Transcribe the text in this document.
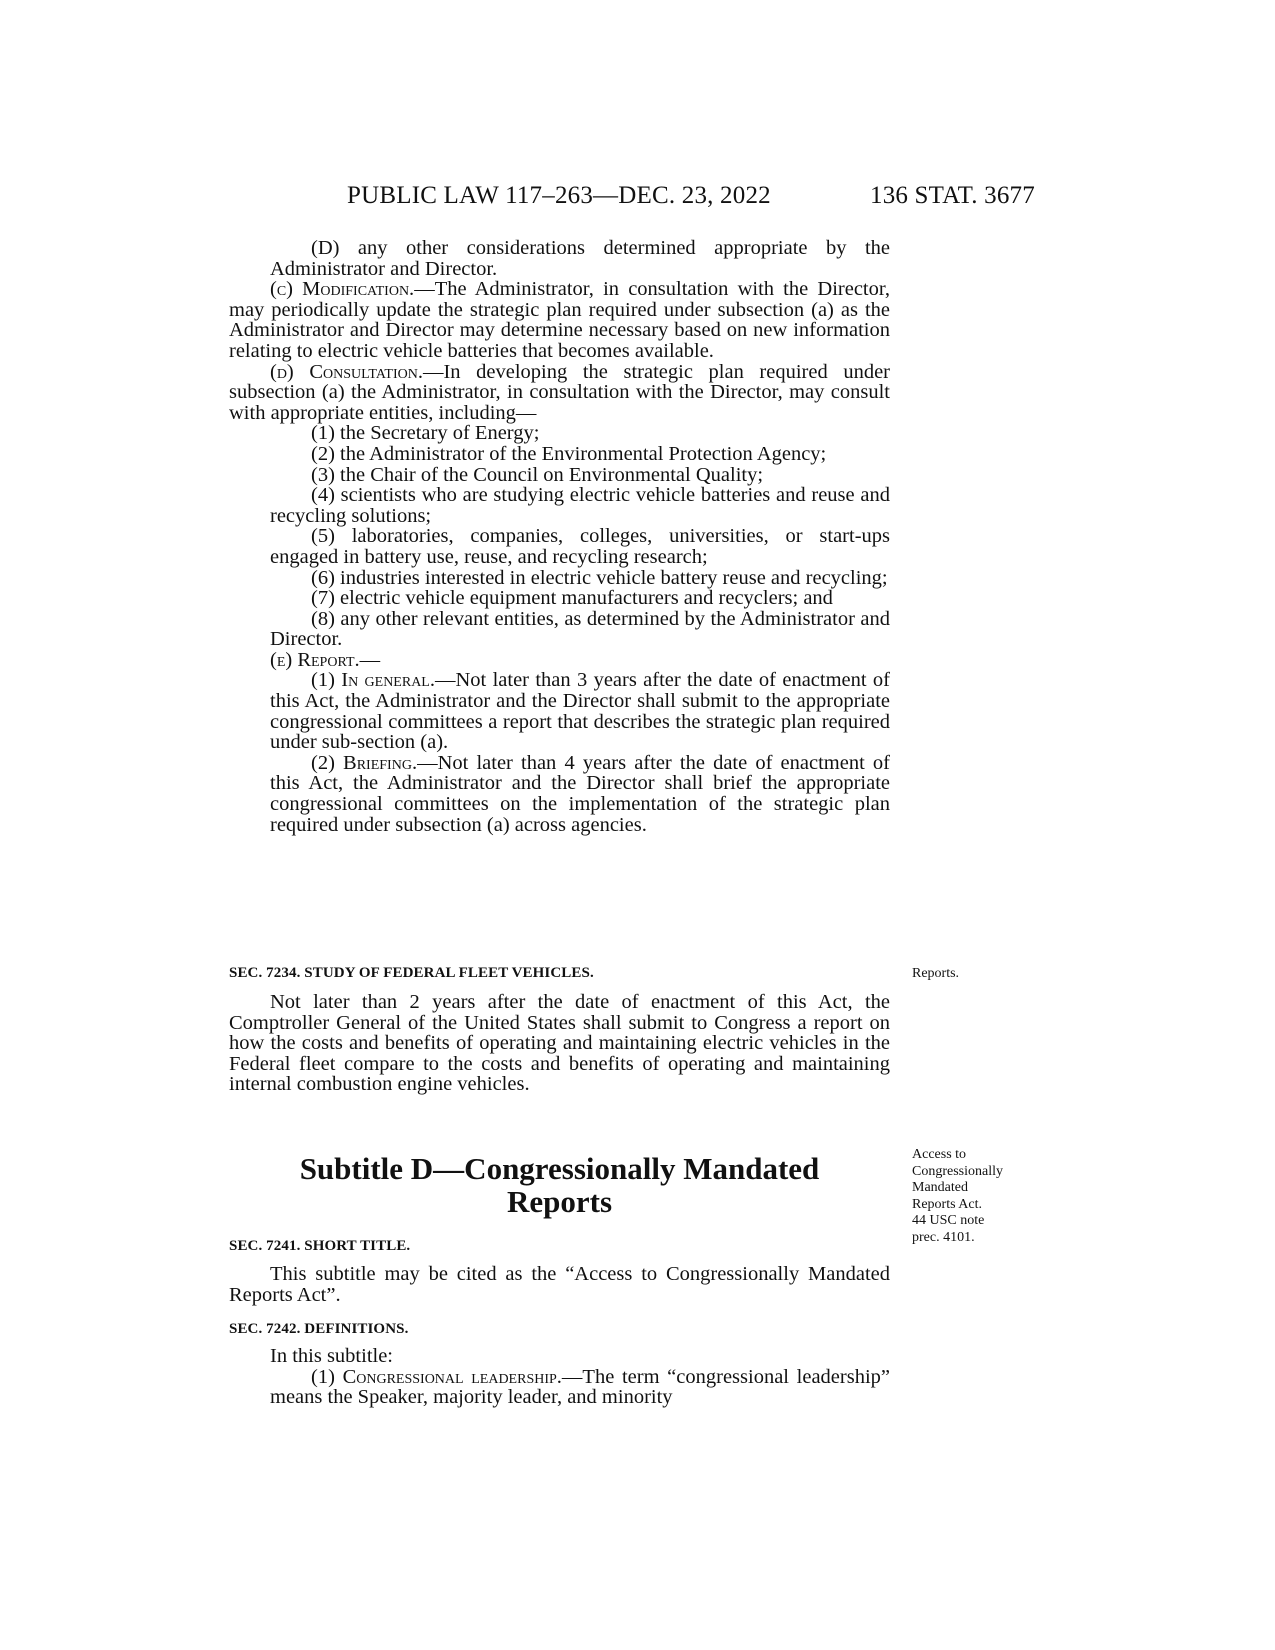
PUBLIC LAW 117–263—DEC. 23, 2022	136 STAT. 3677

(D) any other considerations determined appropriate by the Administrator and Director.

(c) Modification.—The Administrator, in consultation with the Director, may periodically update the strategic plan required under subsection (a) as the Administrator and Director may determine necessary based on new information relating to electric vehicle batteries that becomes available.

(d) Consultation.—In developing the strategic plan required under subsection (a) the Administrator, in consultation with the Director, may consult with appropriate entities, including—

(1) the Secretary of Energy;

(2) the Administrator of the Environmental Protection Agency;

(3) the Chair of the Council on Environmental Quality;

(4) scientists who are studying electric vehicle batteries and reuse and recycling solutions;

(5) laboratories, companies, colleges, universities, or start-ups engaged in battery use, reuse, and recycling research;

(6) industries interested in electric vehicle battery reuse and recycling;

(7) electric vehicle equipment manufacturers and recyclers; and

(8) any other relevant entities, as determined by the Administrator and Director.

(e) Report.—

(1) In general.—Not later than 3 years after the date of enactment of this Act, the Administrator and the Director shall submit to the appropriate congressional committees a report that describes the strategic plan required under sub-section (a).

(2) Briefing.—Not later than 4 years after the date of enactment of this Act, the Administrator and the Director shall brief the appropriate congressional committees on the implementation of the strategic plan required under subsection (a) across agencies.

SEC. 7234. STUDY OF FEDERAL FLEET VEHICLES.	Reports.

Not later than 2 years after the date of enactment of this Act, the Comptroller General of the United States shall submit to Congress a report on how the costs and benefits of operating and maintaining electric vehicles in the Federal fleet compare to the costs and benefits of operating and maintaining internal combustion engine vehicles.

Subtitle D—Congressionally Mandated
Reports
Access to
Congressionally
Mandated
Reports Act.
44 USC note
prec. 4101.
SEC. 7241. SHORT TITLE.

This subtitle may be cited as the “Access to Congressionally Mandated Reports Act”.

SEC. 7242. DEFINITIONS.

In this subtitle:

(1) Congressional leadership.—The term “congressional leadership” means the Speaker, majority leader, and minority
